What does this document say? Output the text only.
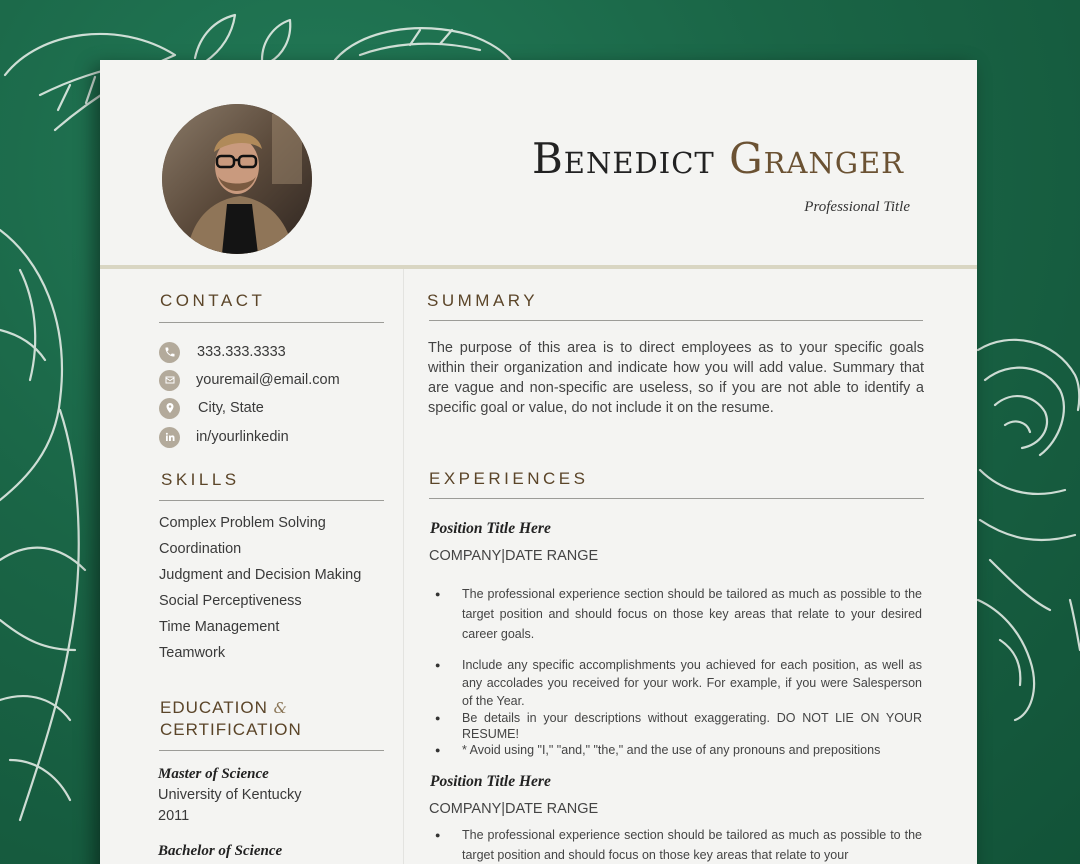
Benedict Granger
Professional Title
CONTACT
333.333.3333
youremail@email.com
City, State
in/yourlinkedin
SKILLS
Complex Problem Solving
Coordination
Judgment and Decision Making
Social Perceptiveness
Time Management
Teamwork
EDUCATION &
CERTIFICATION
Master of Science
University of Kentucky
2011
Bachelor of Science
SUMMARY
The purpose of this area is to direct employees as to your specific goals within their organization and indicate how you will add value. Summary that are vague and non-specific are useless, so if you are not able to identify a specific goal or value, do not include it on the resume.
EXPERIENCES
Position Title Here
COMPANY|DATE RANGE
● The professional experience section should be tailored as much as possible to the target position and should focus on those key areas that relate to your desired career goals.
● Include any specific accomplishments you achieved for each position, as well as any accolades you received for your work. For example, if you were Salesperson of the Year.
● Be details in your descriptions without exaggerating. DO NOT LIE ON YOUR RESUME!
● * Avoid using "I," "and," "the," and the use of any pronouns and prepositions
Position Title Here
COMPANY|DATE RANGE
● The professional experience section should be tailored as much as possible to the target position and should focus on those key areas that relate to your
